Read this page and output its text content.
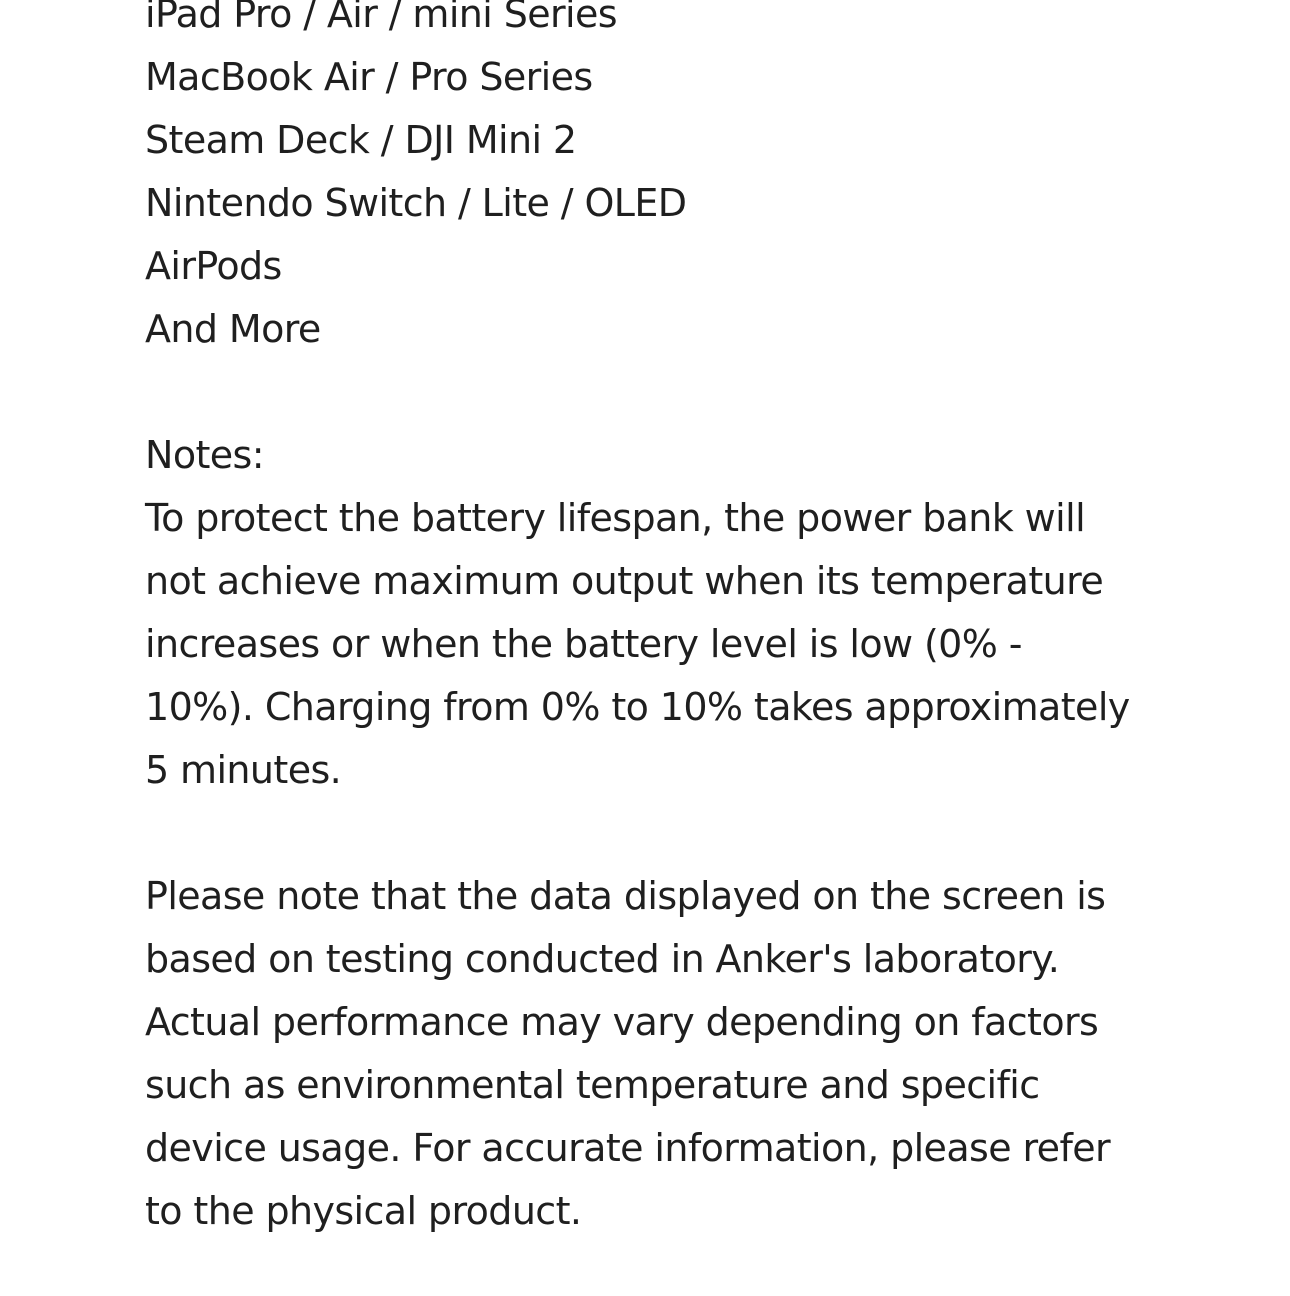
iPad Pro / Air / mini Series
MacBook Air / Pro Series
Steam Deck / DJI Mini 2
Nintendo Switch / Lite / OLED
AirPods
And More
Notes:
To protect the battery lifespan, the power bank will not achieve maximum output when its temperature increases or when the battery level is low (0% - 10%). Charging from 0% to 10% takes approximately 5 minutes.
Please note that the data displayed on the screen is based on testing conducted in Anker's laboratory. Actual performance may vary depending on factors such as environmental temperature and specific device usage. For accurate information, please refer to the physical product.
